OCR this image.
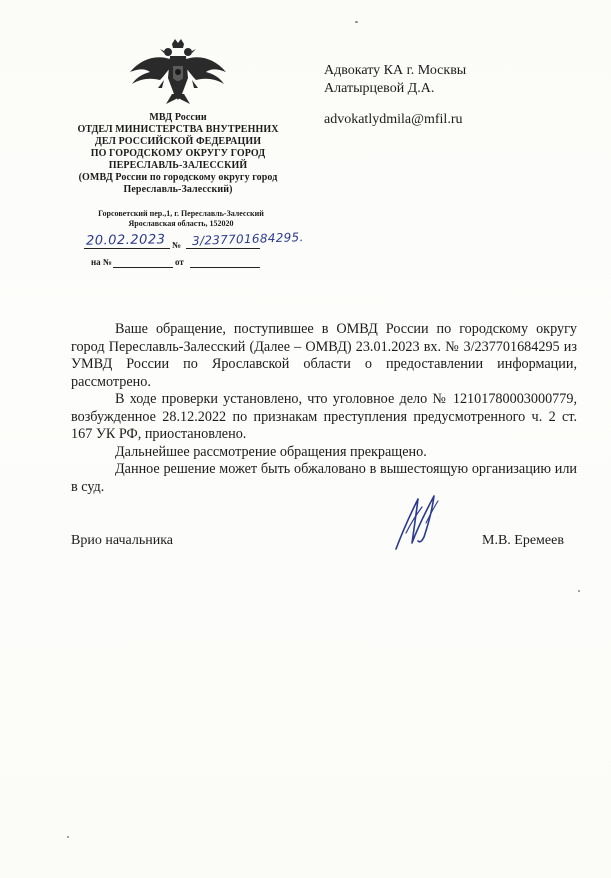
МВД России
ОТДЕЛ МИНИСТЕРСТВА ВНУТРЕННИХ
ДЕЛ РОССИЙСКОЙ ФЕДЕРАЦИИ
ПО ГОРОДСКОМУ ОКРУГУ ГОРОД
ПЕРЕСЛАВЛЬ-ЗАЛЕССКИЙ
(ОМВД России по городскому округу город
Переславль-Залесский)
Горсоветский пер.,1, г. Переславль-Залесский
Ярославская область, 152020
20.02.2023 № 3/237701684295.
на №	от
Адвокату КА г. Москвы
Алатырцевой Д.А.
advokatlydmila@mfil.ru

Ваше обращение, поступившее в ОМВД России по городскому округу город Переславль-Залесский (Далее – ОМВД) 23.01.2023 вх. № 3/237701684295 из УМВД России по Ярославской области о предоставлении информации, рассмотрено.

В ходе проверки установлено, что уголовное дело № 12101780003000779, возбужденное 28.12.2022 по признакам преступления предусмотренного ч. 2 ст. 167 УК РФ, приостановлено.

Дальнейшее рассмотрение обращения прекращено.

Данное решение может быть обжаловано в вышестоящую организацию или в суд.

Врио начальника	М.В. Еремеев
